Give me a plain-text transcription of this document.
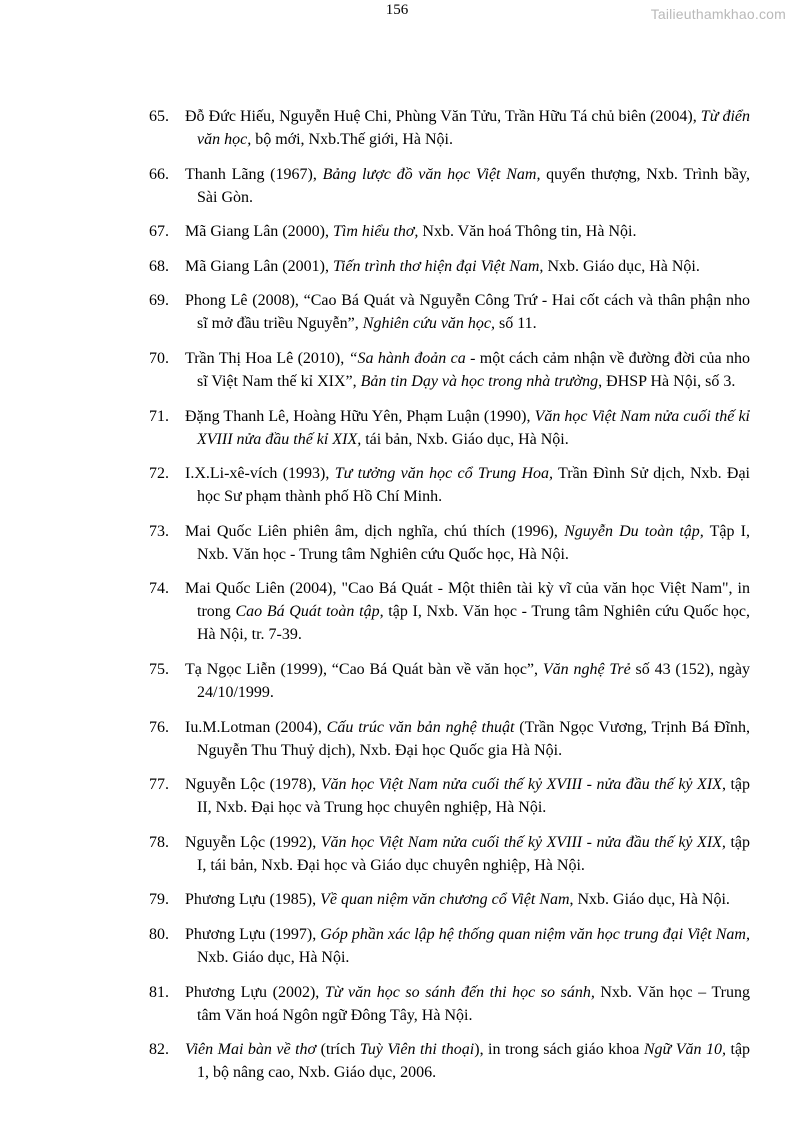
156	Tailieuthamkhao.com
65. Đỗ Đức Hiếu, Nguyễn Huệ Chi, Phùng Văn Tửu, Trần Hữu Tá chủ biên (2004), Từ điển văn học, bộ mới, Nxb.Thế giới, Hà Nội.
66. Thanh Lãng (1967), Bảng lược đồ văn học Việt Nam, quyển thượng, Nxb. Trình bầy, Sài Gòn.
67. Mã Giang Lân (2000), Tìm hiểu thơ, Nxb. Văn hoá Thông tin, Hà Nội.
68. Mã Giang Lân (2001), Tiến trình thơ hiện đại Việt Nam, Nxb. Giáo dục, Hà Nội.
69. Phong Lê (2008), “Cao Bá Quát và Nguyễn Công Trứ - Hai cốt cách và thân phận nho sĩ mở đầu triều Nguyễn”, Nghiên cứu văn học, số 11.
70. Trần Thị Hoa Lê (2010), “Sa hành đoản ca - một cách cảm nhận về đường đời của nho sĩ Việt Nam thế kỉ XIX”, Bản tin Dạy và học trong nhà trường, ĐHSP Hà Nội, số 3.
71. Đặng Thanh Lê, Hoàng Hữu Yên, Phạm Luận (1990), Văn học Việt Nam nửa cuối thế kỉ XVIII nửa đầu thế kỉ XIX, tái bản, Nxb. Giáo dục, Hà Nội.
72. I.X.Li-xê-vích (1993), Tư tưởng văn học cổ Trung Hoa, Trần Đình Sử dịch, Nxb. Đại học Sư phạm thành phố Hồ Chí Minh.
73. Mai Quốc Liên phiên âm, dịch nghĩa, chú thích (1996), Nguyễn Du toàn tập, Tập I, Nxb. Văn học - Trung tâm Nghiên cứu Quốc học, Hà Nội.
74. Mai Quốc Liên (2004), "Cao Bá Quát - Một thiên tài kỳ vĩ của văn học Việt Nam", in trong Cao Bá Quát toàn tập, tập I, Nxb. Văn học - Trung tâm Nghiên cứu Quốc học, Hà Nội, tr. 7-39.
75. Tạ Ngọc Liễn (1999), “Cao Bá Quát bàn về văn học”, Văn nghệ Trẻ số 43 (152), ngày 24/10/1999.
76. Iu.M.Lotman (2004), Cấu trúc văn bản nghệ thuật (Trần Ngọc Vương, Trịnh Bá Đĩnh, Nguyễn Thu Thuỷ dịch), Nxb. Đại học Quốc gia Hà Nội.
77. Nguyễn Lộc (1978), Văn học Việt Nam nửa cuối thế kỷ XVIII - nửa đầu thế kỷ XIX, tập II, Nxb. Đại học và Trung học chuyên nghiệp, Hà Nội.
78. Nguyễn Lộc (1992), Văn học Việt Nam nửa cuối thế kỷ XVIII - nửa đầu thế kỷ XIX, tập I, tái bản, Nxb. Đại học và Giáo dục chuyên nghiệp, Hà Nội.
79. Phương Lựu (1985), Về quan niệm văn chương cổ Việt Nam, Nxb. Giáo dục, Hà Nội.
80. Phương Lựu (1997), Góp phần xác lập hệ thống quan niệm văn học trung đại Việt Nam, Nxb. Giáo dục, Hà Nội.
81. Phương Lựu (2002), Từ văn học so sánh đến thi học so sánh, Nxb. Văn học – Trung tâm Văn hoá Ngôn ngữ Đông Tây, Hà Nội.
82. Viên Mai bàn về thơ (trích Tuỳ Viên thi thoại), in trong sách giáo khoa Ngữ Văn 10, tập 1, bộ nâng cao, Nxb. Giáo dục, 2006.
